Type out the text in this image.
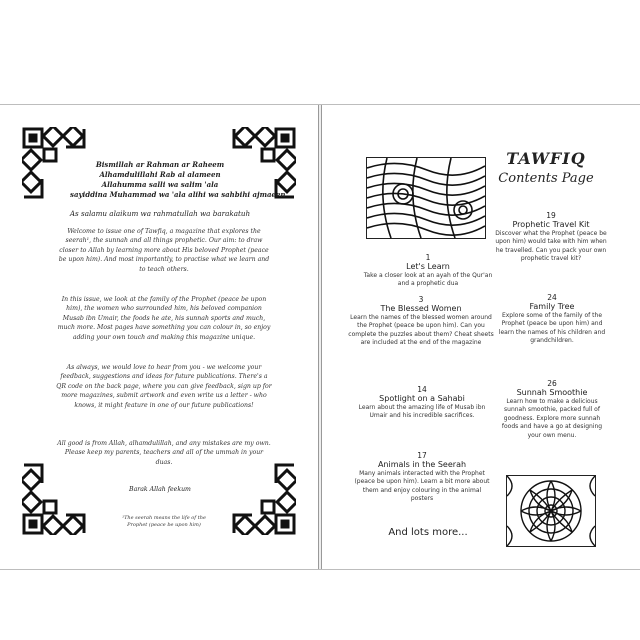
Bismillah ar Rahman ar Raheem
Alhamdulillahi Rab al alameen
Allahumma salli wa salim 'ala
sayiddina Muhammad wa 'ala alihi wa sahbihi ajmaeen
As salamu alaikum wa rahmatullah wa barakatuh
Welcome to issue one of Tawfiq, a magazine that explores the seerah¹, the sunnah and all things prophetic. Our aim: to draw closer to Allah by learning more about His beloved Prophet (peace be upon him). And most importantly, to practise what we learn and to teach others.
In this issue, we look at the family of the Prophet (peace be upon him), the women who surrounded him, his beloved companion Musab ibn Umair, the foods he ate, his sunnah sports and much, much more. Most pages have something you can colour in, so enjoy adding your own touch and making this magazine unique.
As always, we would love to hear from you - we welcome your feedback, suggestions and ideas for future publications. There's a QR code on the back page, where you can give feedback, sign up for more magazines, submit artwork and even write us a letter - who knows, it might feature in one of our future publications!
All good is from Allah, alhamdulillah, and any mistakes are my own. Please keep my parents, teachers and all of the ummah in your duas.
Barak Allah feekum
¹The seerah means the life of the Prophet (peace be upon him)
TAWFIQ
Contents Page
1
Let's Learn
Take a closer look at an ayah of the Qur'an and a prophetic dua
3
The Blessed Women
Learn the names of the blessed women around the Prophet (peace be upon him). Can you complete the puzzles about them? Cheat sheets are included at the end of the magazine
14
Spotlight on a Sahabi
Learn about the amazing life of Musab ibn Umair and his incredible sacrifices.
17
Animals in the Seerah
Many animals interacted with the Prophet (peace be upon him). Learn a bit more about them and enjoy colouring in the animal posters
19
Prophetic Travel Kit
Discover what the Prophet (peace be upon him) would take with him when he travelled. Can you pack your own prophetic travel kit?
24
Family Tree
Explore some of the family of the Prophet (peace be upon him) and learn the names of his children and grandchildren.
26
Sunnah Smoothie
Learn how to make a delicious sunnah smoothie, packed full of goodness. Explore more sunnah foods and have a go at designing your own menu.
And lots more...
